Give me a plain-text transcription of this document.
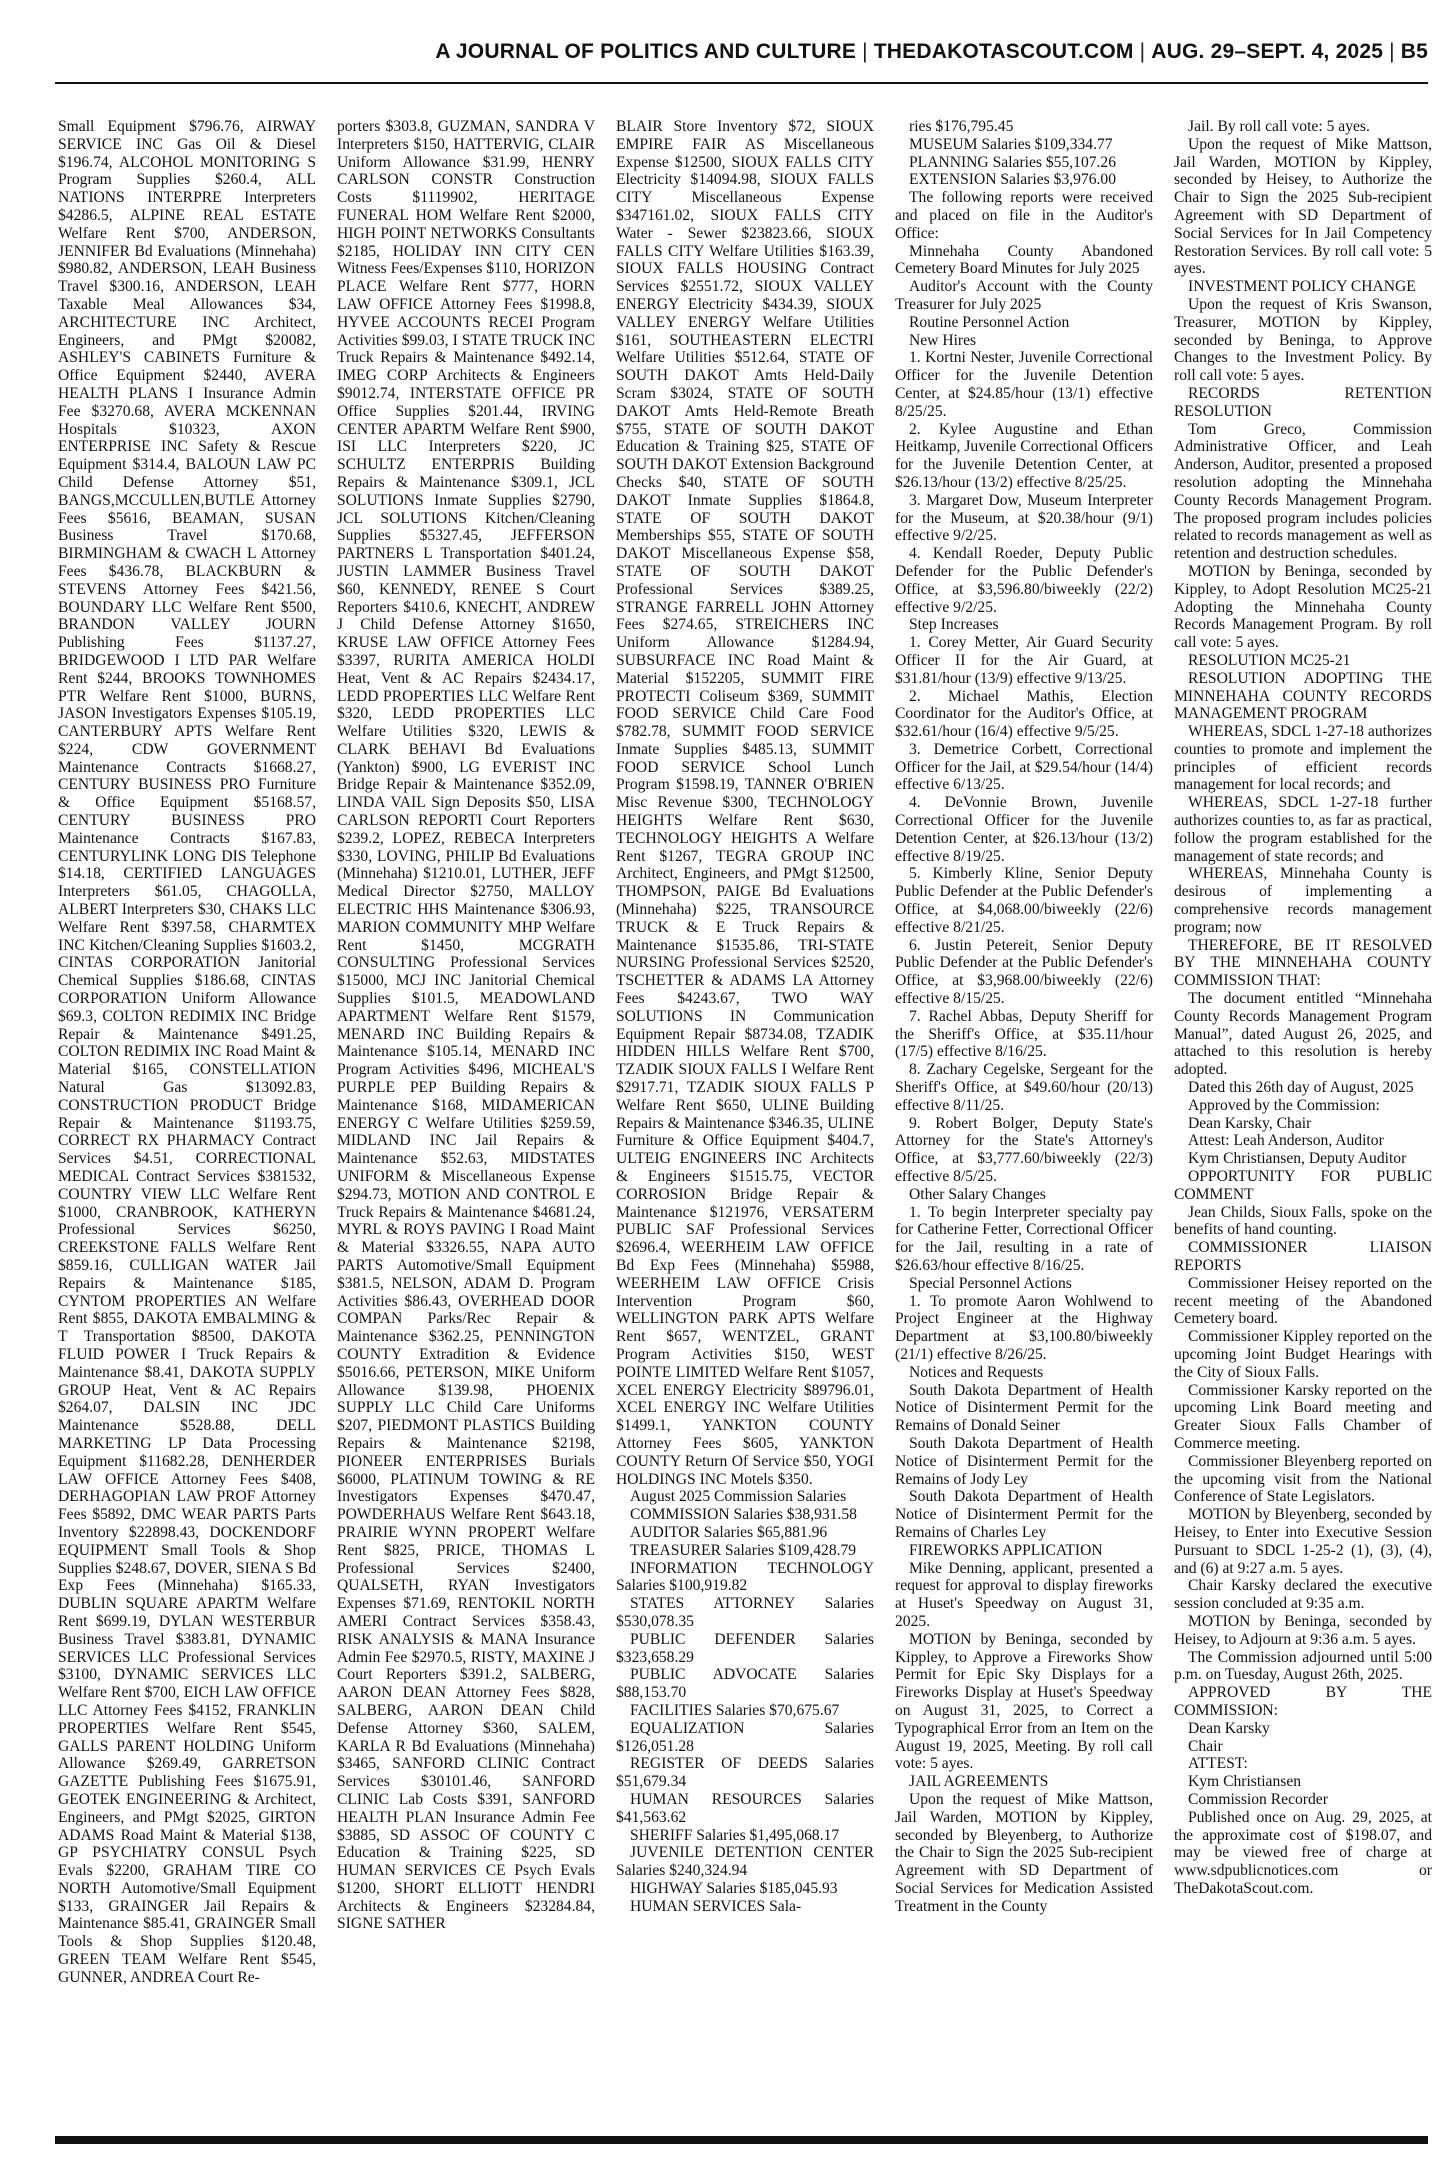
A JOURNAL OF POLITICS AND CULTURE | THEDAKOTASCOUT.COM | AUG. 29–SEPT. 4, 2025 | B5

Small Equipment $796.76, AIRWAY SERVICE INC Gas Oil & Diesel $196.74, ALCOHOL MONITORING S Program Supplies $260.4, ALL NATIONS INTERPRE Interpreters $4286.5, ALPINE REAL ESTATE Welfare Rent $700, ANDERSON, JENNIFER Bd Evaluations (Minnehaha) $980.82, ANDERSON, LEAH Business Travel $300.16, ANDERSON, LEAH Taxable Meal Allowances $34, ARCHITECTURE INC Architect, Engineers, and PMgt $20082, ASHLEY'S CABINETS Furniture & Office Equipment $2440, AVERA HEALTH PLANS I Insurance Admin Fee $3270.68, AVERA MCKENNAN Hospitals $10323, AXON ENTERPRISE INC Safety & Rescue Equipment $314.4, BALOUN LAW PC Child Defense Attorney $51, BANGS,MCCULLEN,BUTLE Attorney Fees $5616, BEAMAN, SUSAN Business Travel $170.68, BIRMINGHAM & CWACH L Attorney Fees $436.78, BLACKBURN & STEVENS Attorney Fees $421.56, BOUNDARY LLC Welfare Rent $500, BRANDON VALLEY JOURN Publishing Fees $1137.27, BRIDGEWOOD I LTD PAR Welfare Rent $244, BROOKS TOWNHOMES PTR Welfare Rent $1000, BURNS, JASON Investigators Expenses $105.19, CANTERBURY APTS Welfare Rent $224, CDW GOVERNMENT Maintenance Contracts $1668.27, CENTURY BUSINESS PRO Furniture & Office Equipment $5168.57, CENTURY BUSINESS PRO Maintenance Contracts $167.83, CENTURYLINK LONG DIS Telephone $14.18, CERTIFIED LANGUAGES Interpreters $61.05, CHAGOLLA, ALBERT Interpreters $30, CHAKS LLC Welfare Rent $397.58, CHARMTEX INC Kitchen/Cleaning Supplies $1603.2, CINTAS CORPORATION Janitorial Chemical Supplies $186.68, CINTAS CORPORATION Uniform Allowance $69.3, COLTON REDIMIX INC Bridge Repair & Maintenance $491.25, COLTON REDIMIX INC Road Maint & Material $165, CONSTELLATION Natural Gas $13092.83, CONSTRUCTION PRODUCT Bridge Repair & Maintenance $1193.75, CORRECT RX PHARMACY Contract Services $4.51, CORRECTIONAL MEDICAL Contract Services $381532, COUNTRY VIEW LLC Welfare Rent $1000, CRANBROOK, KATHERYN Professional Services $6250, CREEKSTONE FALLS Welfare Rent $859.16, CULLIGAN WATER Jail Repairs & Maintenance $185, CYNTOM PROPERTIES AN Welfare Rent $855, DAKOTA EMBALMING & T Transportation $8500, DAKOTA FLUID POWER I Truck Repairs & Maintenance $8.41, DAKOTA SUPPLY GROUP Heat, Vent & AC Repairs $264.07, DALSIN INC JDC Maintenance $528.88, DELL MARKETING LP Data Processing Equipment $11682.28, DENHERDER LAW OFFICE Attorney Fees $408, DERHAGOPIAN LAW PROF Attorney Fees $5892, DMC WEAR PARTS Parts Inventory $22898.43, DOCKENDORF EQUIPMENT Small Tools & Shop Supplies $248.67, DOVER, SIENA S Bd Exp Fees (Minnehaha) $165.33, DUBLIN SQUARE APARTM Welfare Rent $699.19, DYLAN WESTERBUR Business Travel $383.81, DYNAMIC SERVICES LLC Professional Services $3100, DYNAMIC SERVICES LLC Welfare Rent $700, EICH LAW OFFICE LLC Attorney Fees $4152, FRANKLIN PROPERTIES Welfare Rent $545, GALLS PARENT HOLDING Uniform Allowance $269.49, GARRETSON GAZETTE Publishing Fees $1675.91, GEOTEK ENGINEERING & Architect, Engineers, and PMgt $2025, GIRTON ADAMS Road Maint & Material $138, GP PSYCHIATRY CONSUL Psych Evals $2200, GRAHAM TIRE CO NORTH Automotive/Small Equipment $133, GRAINGER Jail Repairs & Maintenance $85.41, GRAINGER Small Tools & Shop Supplies $120.48, GREEN TEAM Welfare Rent $545, GUNNER, ANDREA Court Re-

porters $303.8, GUZMAN, SANDRA V Interpreters $150, HATTERVIG, CLAIR Uniform Allowance $31.99, HENRY CARLSON CONSTR Construction Costs $1119902, HERITAGE FUNERAL HOM Welfare Rent $2000, HIGH POINT NETWORKS Consultants $2185, HOLIDAY INN CITY CEN Witness Fees/Expenses $110, HORIZON PLACE Welfare Rent $777, HORN LAW OFFICE Attorney Fees $1998.8, HYVEE ACCOUNTS RECEI Program Activities $99.03, I STATE TRUCK INC Truck Repairs & Maintenance $492.14, IMEG CORP Architects & Engineers $9012.74, INTERSTATE OFFICE PR Office Supplies $201.44, IRVING CENTER APARTM Welfare Rent $900, ISI LLC Interpreters $220, JC SCHULTZ ENTERPRIS Building Repairs & Maintenance $309.1, JCL SOLUTIONS Inmate Supplies $2790, JCL SOLUTIONS Kitchen/Cleaning Supplies $5327.45, JEFFERSON PARTNERS L Transportation $401.24, JUSTIN LAMMER Business Travel $60, KENNEDY, RENEE S Court Reporters $410.6, KNECHT, ANDREW J Child Defense Attorney $1650, KRUSE LAW OFFICE Attorney Fees $3397, RURITA AMERICA HOLDI Heat, Vent & AC Repairs $2434.17, LEDD PROPERTIES LLC Welfare Rent $320, LEDD PROPERTIES LLC Welfare Utilities $320, LEWIS & CLARK BEHAVI Bd Evaluations (Yankton) $900, LG EVERIST INC Bridge Repair & Maintenance $352.09, LINDA VAIL Sign Deposits $50, LISA CARLSON REPORTI Court Reporters $239.2, LOPEZ, REBECA Interpreters $330, LOVING, PHILIP Bd Evaluations (Minnehaha) $1210.01, LUTHER, JEFF Medical Director $2750, MALLOY ELECTRIC HHS Maintenance $306.93, MARION COMMUNITY MHP Welfare Rent $1450, MCGRATH CONSULTING Professional Services $15000, MCJ INC Janitorial Chemical Supplies $101.5, MEADOWLAND APARTMENT Welfare Rent $1579, MENARD INC Building Repairs & Maintenance $105.14, MENARD INC Program Activities $496, MICHEAL'S PURPLE PEP Building Repairs & Maintenance $168, MIDAMERICAN ENERGY C Welfare Utilities $259.59, MIDLAND INC Jail Repairs & Maintenance $52.63, MIDSTATES UNIFORM & Miscellaneous Expense $294.73, MOTION AND CONTROL E Truck Repairs & Maintenance $4681.24, MYRL & ROYS PAVING I Road Maint & Material $3326.55, NAPA AUTO PARTS Automotive/Small Equipment $381.5, NELSON, ADAM D. Program Activities $86.43, OVERHEAD DOOR COMPAN Parks/Rec Repair & Maintenance $362.25, PENNINGTON COUNTY Extradition & Evidence $5016.66, PETERSON, MIKE Uniform Allowance $139.98, PHOENIX SUPPLY LLC Child Care Uniforms $207, PIEDMONT PLASTICS Building Repairs & Maintenance $2198, PIONEER ENTERPRISES Burials $6000, PLATINUM TOWING & RE Investigators Expenses $470.47, POWDERHAUS Welfare Rent $643.18, PRAIRIE WYNN PROPERT Welfare Rent $825, PRICE, THOMAS L Professional Services $2400, QUALSETH, RYAN Investigators Expenses $71.69, RENTOKIL NORTH AMERI Contract Services $358.43, RISK ANALYSIS & MANA Insurance Admin Fee $2970.5, RISTY, MAXINE J Court Reporters $391.2, SALBERG, AARON DEAN Attorney Fees $828, SALBERG, AARON DEAN Child Defense Attorney $360, SALEM, KARLA R Bd Evaluations (Minnehaha) $3465, SANFORD CLINIC Contract Services $30101.46, SANFORD CLINIC Lab Costs $391, SANFORD HEALTH PLAN Insurance Admin Fee $3885, SD ASSOC OF COUNTY C Education & Training $225, SD HUMAN SERVICES CE Psych Evals $1200, SHORT ELLIOTT HENDRI Architects & Engineers $23284.84, SIGNE SATHER

BLAIR Store Inventory $72, SIOUX EMPIRE FAIR AS Miscellaneous Expense $12500, SIOUX FALLS CITY Electricity $14094.98, SIOUX FALLS CITY Miscellaneous Expense $347161.02, SIOUX FALLS CITY Water - Sewer $23823.66, SIOUX FALLS CITY Welfare Utilities $163.39, SIOUX FALLS HOUSING Contract Services $2551.72, SIOUX VALLEY ENERGY Electricity $434.39, SIOUX VALLEY ENERGY Welfare Utilities $161, SOUTHEASTERN ELECTRI Welfare Utilities $512.64, STATE OF SOUTH DAKOT Amts Held-Daily Scram $3024, STATE OF SOUTH DAKOT Amts Held-Remote Breath $755, STATE OF SOUTH DAKOT Education & Training $25, STATE OF SOUTH DAKOT Extension Background Checks $40, STATE OF SOUTH DAKOT Inmate Supplies $1864.8, STATE OF SOUTH DAKOT Memberships $55, STATE OF SOUTH DAKOT Miscellaneous Expense $58, STATE OF SOUTH DAKOT Professional Services $389.25, STRANGE FARRELL JOHN Attorney Fees $274.65, STREICHERS INC Uniform Allowance $1284.94, SUBSURFACE INC Road Maint & Material $152205, SUMMIT FIRE PROTECTI Coliseum $369, SUMMIT FOOD SERVICE Child Care Food $782.78, SUMMIT FOOD SERVICE Inmate Supplies $485.13, SUMMIT FOOD SERVICE School Lunch Program $1598.19, TANNER O'BRIEN Misc Revenue $300, TECHNOLOGY HEIGHTS Welfare Rent $630, TECHNOLOGY HEIGHTS A Welfare Rent $1267, TEGRA GROUP INC Architect, Engineers, and PMgt $12500, THOMPSON, PAIGE Bd Evaluations (Minnehaha) $225, TRANSOURCE TRUCK & E Truck Repairs & Maintenance $1535.86, TRI-STATE NURSING Professional Services $2520, TSCHETTER & ADAMS LA Attorney Fees $4243.67, TWO WAY SOLUTIONS IN Communication Equipment Repair $8734.08, TZADIK HIDDEN HILLS Welfare Rent $700, TZADIK SIOUX FALLS I Welfare Rent $2917.71, TZADIK SIOUX FALLS P Welfare Rent $650, ULINE Building Repairs & Maintenance $346.35, ULINE Furniture & Office Equipment $404.7, ULTEIG ENGINEERS INC Architects & Engineers $1515.75, VECTOR CORROSION Bridge Repair & Maintenance $121976, VERSATERM PUBLIC SAF Professional Services $2696.4, WEERHEIM LAW OFFICE Bd Exp Fees (Minnehaha) $5988, WEERHEIM LAW OFFICE Crisis Intervention Program $60, WELLINGTON PARK APTS Welfare Rent $657, WENTZEL, GRANT Program Activities $150, WEST POINTE LIMITED Welfare Rent $1057, XCEL ENERGY Electricity $89796.01, XCEL ENERGY INC Welfare Utilities $1499.1, YANKTON COUNTY Attorney Fees $605, YANKTON COUNTY Return Of Service $50, YOGI HOLDINGS INC Motels $350.

August 2025 Commission Salaries

COMMISSION Salaries $38,931.58

AUDITOR Salaries $65,881.96

TREASURER Salaries $109,428.79

INFORMATION TECHNOLOGY Salaries $100,919.82

STATES ATTORNEY Salaries $530,078.35

PUBLIC DEFENDER Salaries $323,658.29

PUBLIC ADVOCATE Salaries $88,153.70

FACILITIES Salaries $70,675.67

EQUALIZATION Salaries $126,051.28

REGISTER OF DEEDS Salaries $51,679.34

HUMAN RESOURCES Salaries $41,563.62

SHERIFF Salaries $1,495,068.17

JUVENILE DETENTION CENTER Salaries $240,324.94

HIGHWAY Salaries $185,045.93

HUMAN SERVICES Sala-

ries $176,795.45

MUSEUM Salaries $109,334.77

PLANNING Salaries $55,107.26

EXTENSION Salaries $3,976.00

The following reports were received and placed on file in the Auditor's Office:

Minnehaha County Abandoned Cemetery Board Minutes for July 2025

Auditor's Account with the County Treasurer for July 2025

Routine Personnel Action

New Hires

1. Kortni Nester, Juvenile Correctional Officer for the Juvenile Detention Center, at $24.85/hour (13/1) effective 8/25/25.

2. Kylee Augustine and Ethan Heitkamp, Juvenile Correctional Officers for the Juvenile Detention Center, at $26.13/hour (13/2) effective 8/25/25.

3. Margaret Dow, Museum Interpreter for the Museum, at $20.38/hour (9/1) effective 9/2/25.

4. Kendall Roeder, Deputy Public Defender for the Public Defender's Office, at $3,596.80/biweekly (22/2) effective 9/2/25.

Step Increases

1. Corey Metter, Air Guard Security Officer II for the Air Guard, at $31.81/hour (13/9) effective 9/13/25.

2. Michael Mathis, Election Coordinator for the Auditor's Office, at $32.61/hour (16/4) effective 9/5/25.

3. Demetrice Corbett, Correctional Officer for the Jail, at $29.54/hour (14/4) effective 6/13/25.

4. DeVonnie Brown, Juvenile Correctional Officer for the Juvenile Detention Center, at $26.13/hour (13/2) effective 8/19/25.

5. Kimberly Kline, Senior Deputy Public Defender at the Public Defender's Office, at $4,068.00/biweekly (22/6) effective 8/21/25.

6. Justin Petereit, Senior Deputy Public Defender at the Public Defender's Office, at $3,968.00/biweekly (22/6) effective 8/15/25.

7. Rachel Abbas, Deputy Sheriff for the Sheriff's Office, at $35.11/hour (17/5) effective 8/16/25.

8. Zachary Cegelske, Sergeant for the Sheriff's Office, at $49.60/hour (20/13) effective 8/11/25.

9. Robert Bolger, Deputy State's Attorney for the State's Attorney's Office, at $3,777.60/biweekly (22/3) effective 8/5/25.

Other Salary Changes

1. To begin Interpreter specialty pay for Catherine Fetter, Correctional Officer for the Jail, resulting in a rate of $26.63/hour effective 8/16/25.

Special Personnel Actions

1. To promote Aaron Wohlwend to Project Engineer at the Highway Department at $3,100.80/biweekly (21/1) effective 8/26/25.

Notices and Requests

South Dakota Department of Health Notice of Disinterment Permit for the Remains of Donald Seiner

South Dakota Department of Health Notice of Disinterment Permit for the Remains of Jody Ley

South Dakota Department of Health Notice of Disinterment Permit for the Remains of Charles Ley

FIREWORKS APPLICATION

Mike Denning, applicant, presented a request for approval to display fireworks at Huset's Speedway on August 31, 2025.

MOTION by Beninga, seconded by Kippley, to Approve a Fireworks Show Permit for Epic Sky Displays for a Fireworks Display at Huset's Speedway on August 31, 2025, to Correct a Typographical Error from an Item on the August 19, 2025, Meeting. By roll call vote: 5 ayes.

JAIL AGREEMENTS

Upon the request of Mike Mattson, Jail Warden, MOTION by Kippley, seconded by Bleyenberg, to Authorize the Chair to Sign the 2025 Sub-recipient Agreement with SD Department of Social Services for Medication Assisted Treatment in the County

Jail. By roll call vote: 5 ayes.

Upon the request of Mike Mattson, Jail Warden, MOTION by Kippley, seconded by Heisey, to Authorize the Chair to Sign the 2025 Sub-recipient Agreement with SD Department of Social Services for In Jail Competency Restoration Services. By roll call vote: 5 ayes.

INVESTMENT POLICY CHANGE

Upon the request of Kris Swanson, Treasurer, MOTION by Kippley, seconded by Beninga, to Approve Changes to the Investment Policy. By roll call vote: 5 ayes.

RECORDS RETENTION RESOLUTION

Tom Greco, Commission Administrative Officer, and Leah Anderson, Auditor, presented a proposed resolution adopting the Minnehaha County Records Management Program. The proposed program includes policies related to records management as well as retention and destruction schedules.

MOTION by Beninga, seconded by Kippley, to Adopt Resolution MC25-21 Adopting the Minnehaha County Records Management Program. By roll call vote: 5 ayes.

RESOLUTION MC25-21

RESOLUTION ADOPTING THE MINNEHAHA COUNTY RECORDS MANAGEMENT PROGRAM

WHEREAS, SDCL 1-27-18 authorizes counties to promote and implement the principles of efficient records management for local records; and

WHEREAS, SDCL 1-27-18 further authorizes counties to, as far as practical, follow the program established for the management of state records; and

WHEREAS, Minnehaha County is desirous of implementing a comprehensive records management program; now

THEREFORE, BE IT RESOLVED BY THE MINNEHAHA COUNTY COMMISSION THAT:

The document entitled “Minnehaha County Records Management Program Manual”, dated August 26, 2025, and attached to this resolution is hereby adopted.

Dated this 26th day of August, 2025

Approved by the Commission:

Dean Karsky, Chair

Attest: Leah Anderson, Auditor

Kym Christiansen, Deputy Auditor

OPPORTUNITY FOR PUBLIC COMMENT

Jean Childs, Sioux Falls, spoke on the benefits of hand counting.

COMMISSIONER LIAISON REPORTS

Commissioner Heisey reported on the recent meeting of the Abandoned Cemetery board.

Commissioner Kippley reported on the upcoming Joint Budget Hearings with the City of Sioux Falls.

Commissioner Karsky reported on the upcoming Link Board meeting and Greater Sioux Falls Chamber of Commerce meeting.

Commissioner Bleyenberg reported on the upcoming visit from the National Conference of State Legislators.

MOTION by Bleyenberg, seconded by Heisey, to Enter into Executive Session Pursuant to SDCL 1-25-2 (1), (3), (4), and (6) at 9:27 a.m. 5 ayes.

Chair Karsky declared the executive session concluded at 9:35 a.m.

MOTION by Beninga, seconded by Heisey, to Adjourn at 9:36 a.m. 5 ayes.

The Commission adjourned until 5:00 p.m. on Tuesday, August 26th, 2025.

APPROVED BY THE COMMISSION:

Dean Karsky

Chair

ATTEST:

Kym Christiansen

Commission Recorder

Published once on Aug. 29, 2025, at the approximate cost of $198.07, and may be viewed free of charge at www.sdpublicnotices.com or TheDakotaScout.com.
